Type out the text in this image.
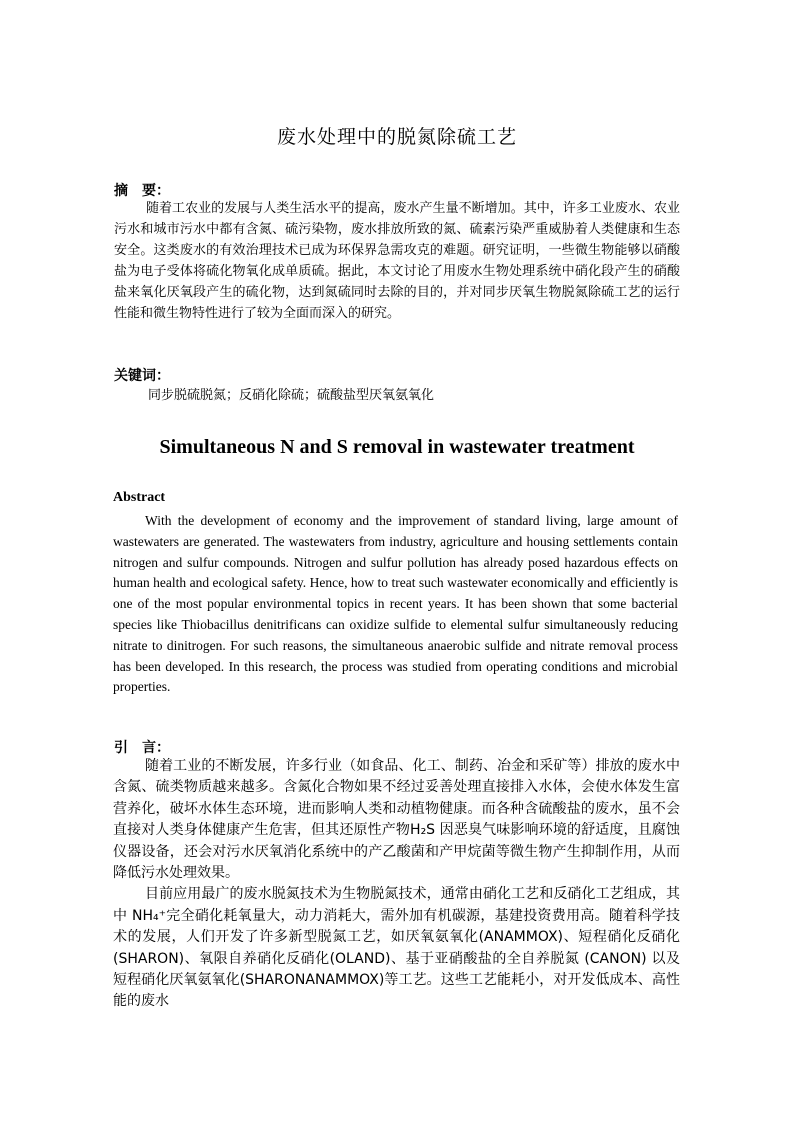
废水处理中的脱氮除硫工艺
摘　要：

随着工农业的发展与人类生活水平的提高，废水产生量不断增加。其中，许多工业废水、农业污水和城市污水中都有含氮、硫污染物，废水排放所致的氮、硫素污染严重威胁着人类健康和生态安全。这类废水的有效治理技术已成为环保界急需攻克的难题。研究证明，一些微生物能够以硝酸盐为电子受体将硫化物氧化成单质硫。据此，本文讨论了用废水生物处理系统中硝化段产生的硝酸盐来氧化厌氧段产生的硫化物，达到氮硫同时去除的目的，并对同步厌氧生物脱氮除硫工艺的运行性能和微生物特性进行了较为全面而深入的研究。

关键词：
同步脱硫脱氮；反硝化除硫；硫酸盐型厌氧氨氧化
Simultaneous N and S removal in wastewater treatment
Abstract

With the development of economy and the improvement of standard living, large amount of wastewaters are generated. The wastewaters from industry, agriculture and housing settlements contain nitrogen and sulfur compounds. Nitrogen and sulfur pollution has already posed hazardous effects on human health and ecological safety. Hence, how to treat such wastewater economically and efficiently is one of the most popular environmental topics in recent years. It has been shown that some bacterial species like Thiobacillus denitrificans can oxidize sulfide to elemental sulfur simultaneously reducing nitrate to dinitrogen. For such reasons, the simultaneous anaerobic sulfide and nitrate removal process has been developed. In this research, the process was studied from operating conditions and microbial properties.

引　言：

随着工业的不断发展，许多行业（如食品、化工、制药、冶金和采矿等）排放的废水中含氮、硫类物质越来越多。含氮化合物如果不经过妥善处理直接排入水体，会使水体发生富营养化，破坏水体生态环境，进而影响人类和动植物健康。而各种含硫酸盐的废水，虽不会直接对人类身体健康产生危害，但其还原性产物H₂S 因恶臭气味影响环境的舒适度，且腐蚀仪器设备，还会对污水厌氧消化系统中的产乙酸菌和产甲烷菌等微生物产生抑制作用，从而降低污水处理效果。

目前应用最广的废水脱氮技术为生物脱氮技术，通常由硝化工艺和反硝化工艺组成，其中 NH₄⁺完全硝化耗氧量大，动力消耗大，需外加有机碳源，基建投资费用高。随着科学技术的发展，人们开发了许多新型脱氮工艺，如厌氧氨氧化(ANAMMOX)、短程硝化反硝化(SHARON)、氧限自养硝化反硝化(OLAND)、基于亚硝酸盐的全自养脱氮 (CANON) 以及短程硝化厌氧氨氧化(SHARONANAMMOX)等工艺。这些工艺能耗小，对开发低成本、高性能的废水
